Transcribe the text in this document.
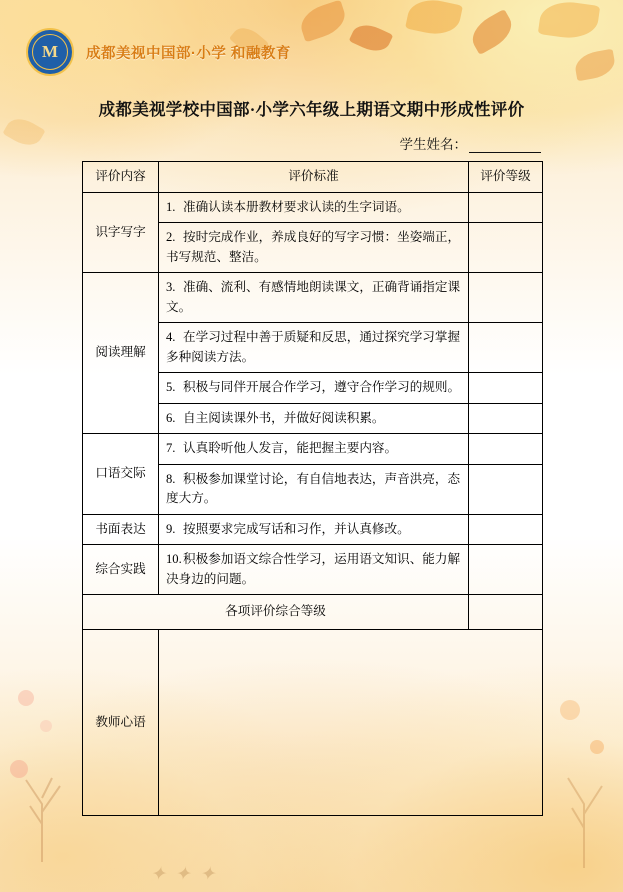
M	成都美视中国部·小学 和融教育
成都美视学校中国部·小学六年级上期语文期中形成性评价
学生姓名：
评价内容	评价标准	评价等级
识字写字	1. 准确认读本册教材要求认读的生字词语。	
	2. 按时完成作业，养成良好的写字习惯：坐姿端正，书写规范、整洁。	
阅读理解	3. 准确、流利、有感情地朗读课文，正确背诵指定课文。	
	4. 在学习过程中善于质疑和反思，通过探究学习掌握多种阅读方法。	
	5. 积极与同伴开展合作学习，遵守合作学习的规则。	
	6. 自主阅读课外书，并做好阅读积累。	
口语交际	7. 认真聆听他人发言，能把握主要内容。	
	8. 积极参加课堂讨论，有自信地表达，声音洪亮，态度大方。	
书面表达	9. 按照要求完成写话和习作，并认真修改。	
综合实践	10.积极参加语文综合性学习，运用语文知识、能力解决身边的问题。	
各项评价综合等级		
教师心语		
✦ ✦ ✦
